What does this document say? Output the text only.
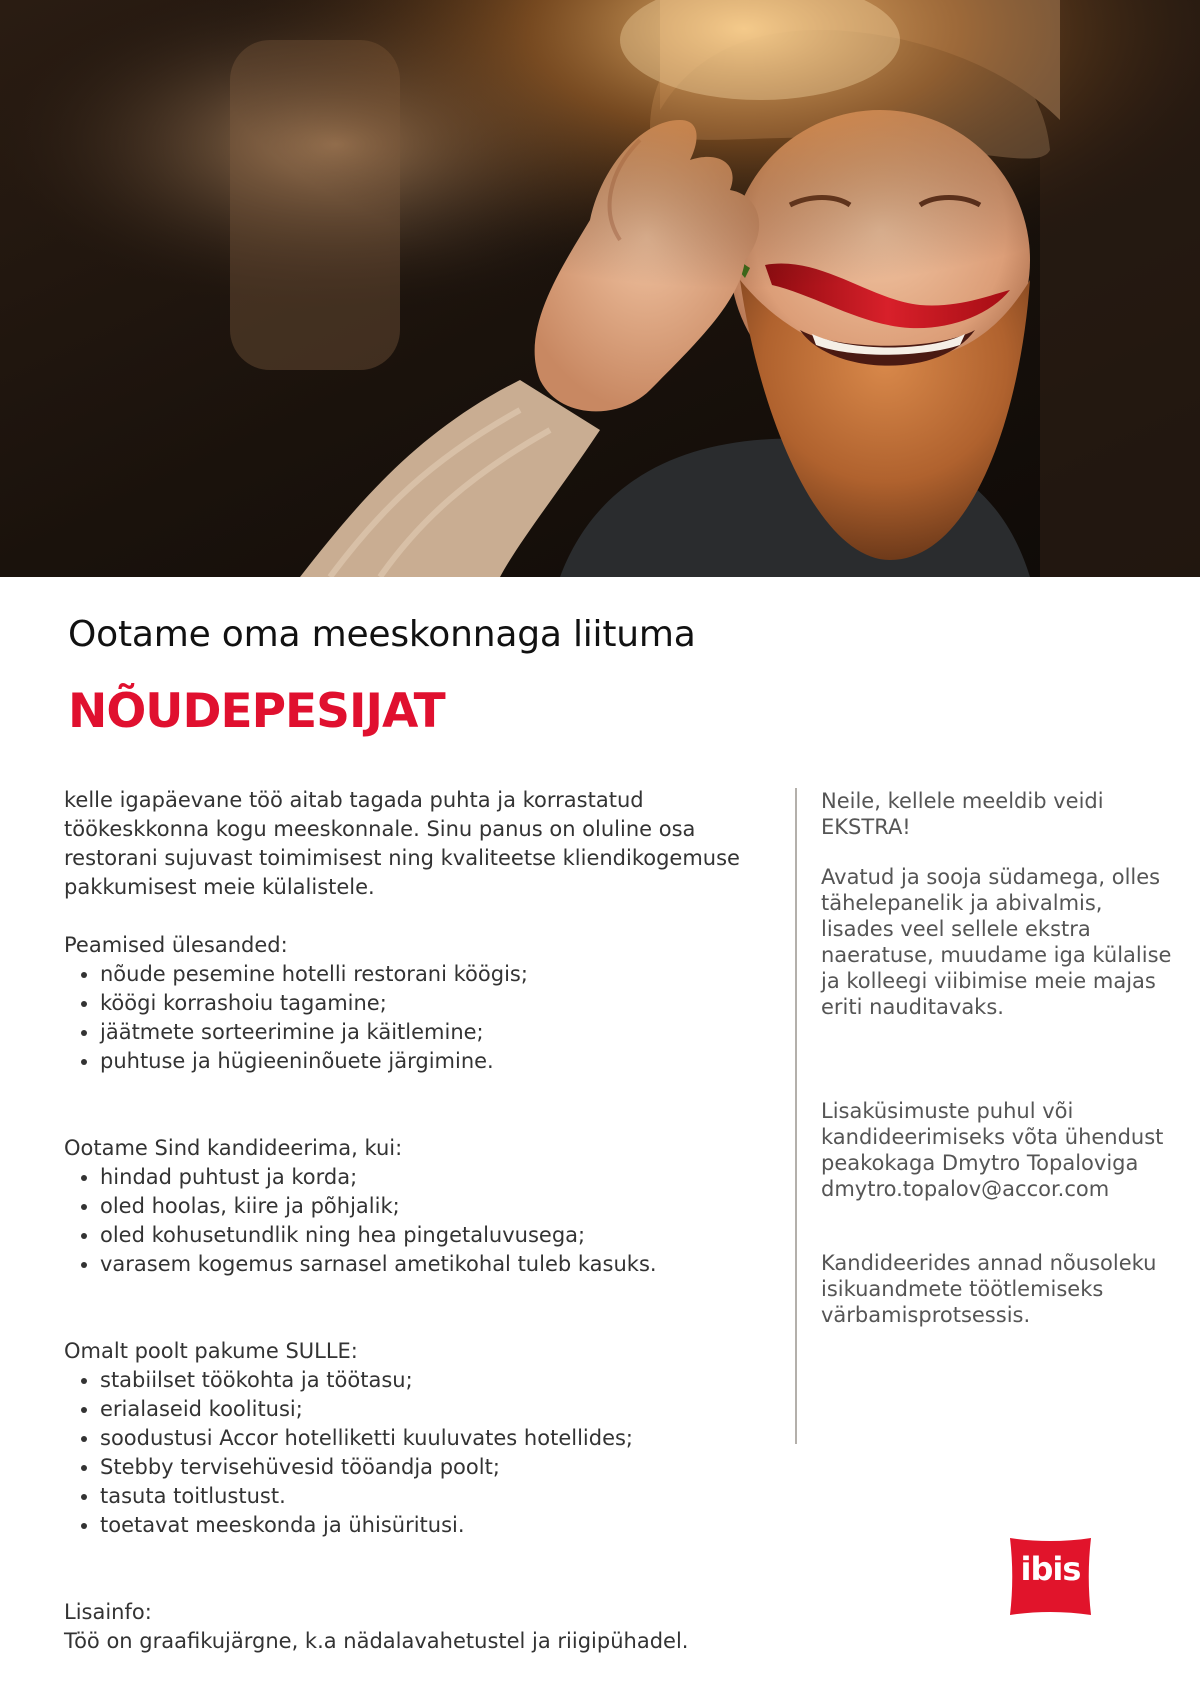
Ootame oma meeskonnaga liituma
NÕUDEPESIJAT

kelle igapäevane töö aitab tagada puhta ja korrastatud töökeskkonna kogu meeskonnale. Sinu panus on oluline osa restorani sujuvast toimimisest ning kvaliteetse kliendikogemuse pakkumisest meie külalistele.

Peamised ülesanded:

• nõude pesemine hotelli restorani köögis;
• köögi korrashoiu tagamine;
• jäätmete sorteerimine ja käitlemine;
• puhtuse ja hügieeninõuete järgimine.

Ootame Sind kandideerima, kui:

• hindad puhtust ja korda;
• oled hoolas, kiire ja põhjalik;
• oled kohusetundlik ning hea pingetaluvusega;
• varasem kogemus sarnasel ametikohal tuleb kasuks.

Omalt poolt pakume SULLE:

• stabiilset töökohta ja töötasu;
• erialaseid koolitusi;
• soodustusi Accor hotelliketti kuuluvates hotellides;
• Stebby tervisehüvesid tööandja poolt;
• tasuta toitlustust.
• toetavat meeskonda ja ühisüritusi.

Lisainfo:

Töö on graafikujärgne, k.a nädalavahetustel ja riigipühadel.

Neile, kellele meeldib veidi EKSTRA!

Avatud ja sooja südamega, olles tähelepanelik ja abivalmis, lisades veel sellele ekstra naeratuse, muudame iga külalise ja kolleegi viibimise meie majas eriti nauditavaks.

Lisaküsimuste puhul või kandideerimiseks võta ühendust peakokaga Dmytro Topaloviga dmytro.topalov@accor.com

Kandideerides annad nõusoleku isikuandmete töötlemiseks värbamisprotsessis.

ibis
